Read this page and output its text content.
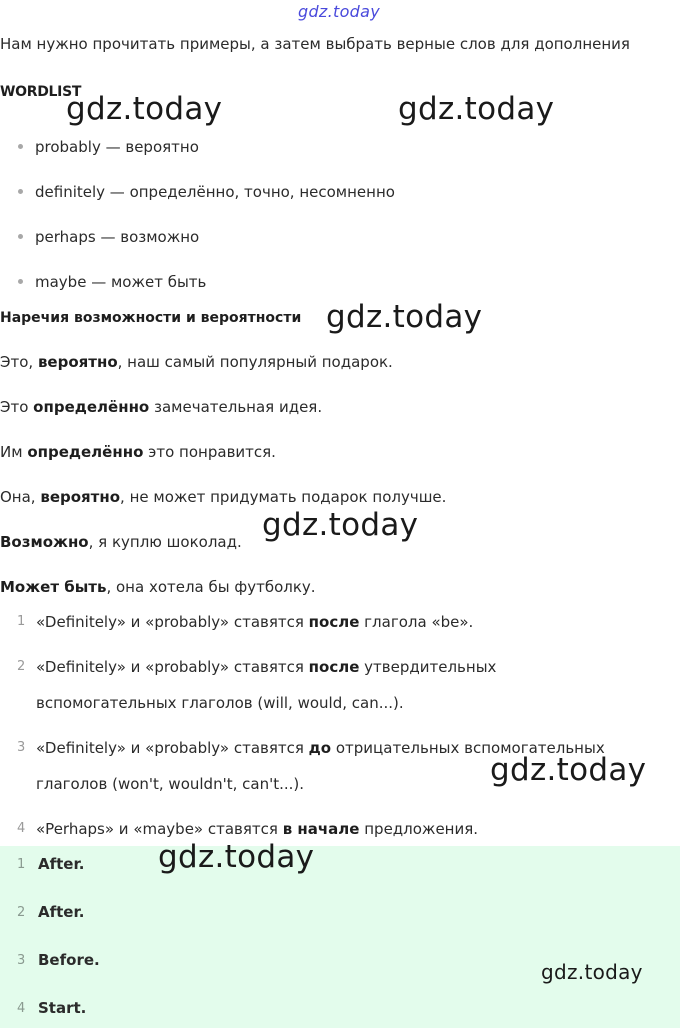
gdz.today
gdz.today	gdz.today
gdz.today
gdz.today
gdz.today
gdz.today
gdz.today
Нам нужно прочитать примеры, а затем выбрать верные слов для дополнения
WORDLIST
probably — вероятно
definitely — определённо, точно, несомненно
perhaps — возможно
maybe — может быть
Наречия возможности и вероятности
Это, вероятно, наш самый популярный подарок.
Это определённо замечательная идея.
Им определённо это понравится.
Она, вероятно, не может придумать подарок получше.
Возможно, я куплю шоколад.
Может быть, она хотела бы футболку.
1 «Definitely» и «probably» ставятся после глагола «be».
2 «Definitely» и «probably» ставятся после утвердительных
вспомогательных глаголов (will, would, can...).
3 «Definitely» и «probably» ставятся до отрицательных вспомогательных
глаголов (won't, wouldn't, can't...).
4 «Perhaps» и «maybe» ставятся в начале предложения.
1 After.
2 After.
3 Before.
4 Start.
